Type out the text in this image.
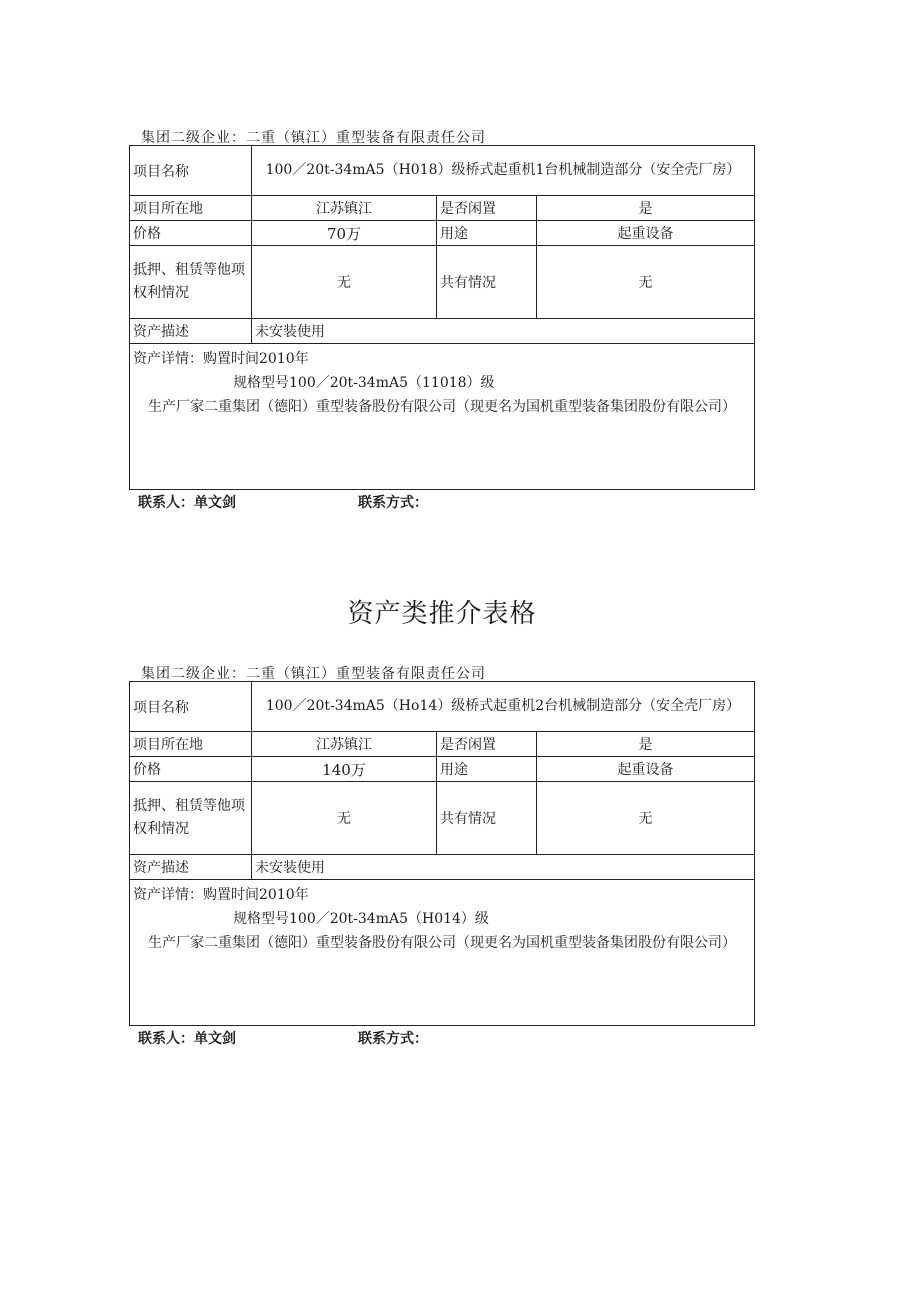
集团二级企业：二重（镇江）重型装备有限责任公司
项目名称	100／20t-34mA5（H018）级桥式起重机1台机械制造部分（安全壳厂房）		
项目所在地	江苏镇江	是否闲置	是
价格	70万	用途	起重设备
抵押、租赁等他项权利情况	无	共有情况	无
资产描述	未安装使用		

资产详情：购置时间2010年
规格型号100／20t-34mA5（11018）级
生产厂家二重集团（德阳）重型装备股份有限公司（现更名为国机重型装备集团股份有限公司）			
联系人：单文剑	联系方式：
资产类推介表格
集团二级企业：二重（镇江）重型装备有限责任公司
项目名称	100／20t-34mA5（Ho14）级桥式起重机2台机械制造部分（安全壳厂房）		
项目所在地	江苏镇江	是否闲置	是
价格	140万	用途	起重设备
抵押、租赁等他项权利情况	无	共有情况	无
资产描述	未安装使用		

资产详情：购置时间2010年
规格型号100／20t-34mA5（H014）级
生产厂家二重集团（德阳）重型装备股份有限公司（现更名为国机重型装备集团股份有限公司）			
联系人：单文剑	联系方式：
